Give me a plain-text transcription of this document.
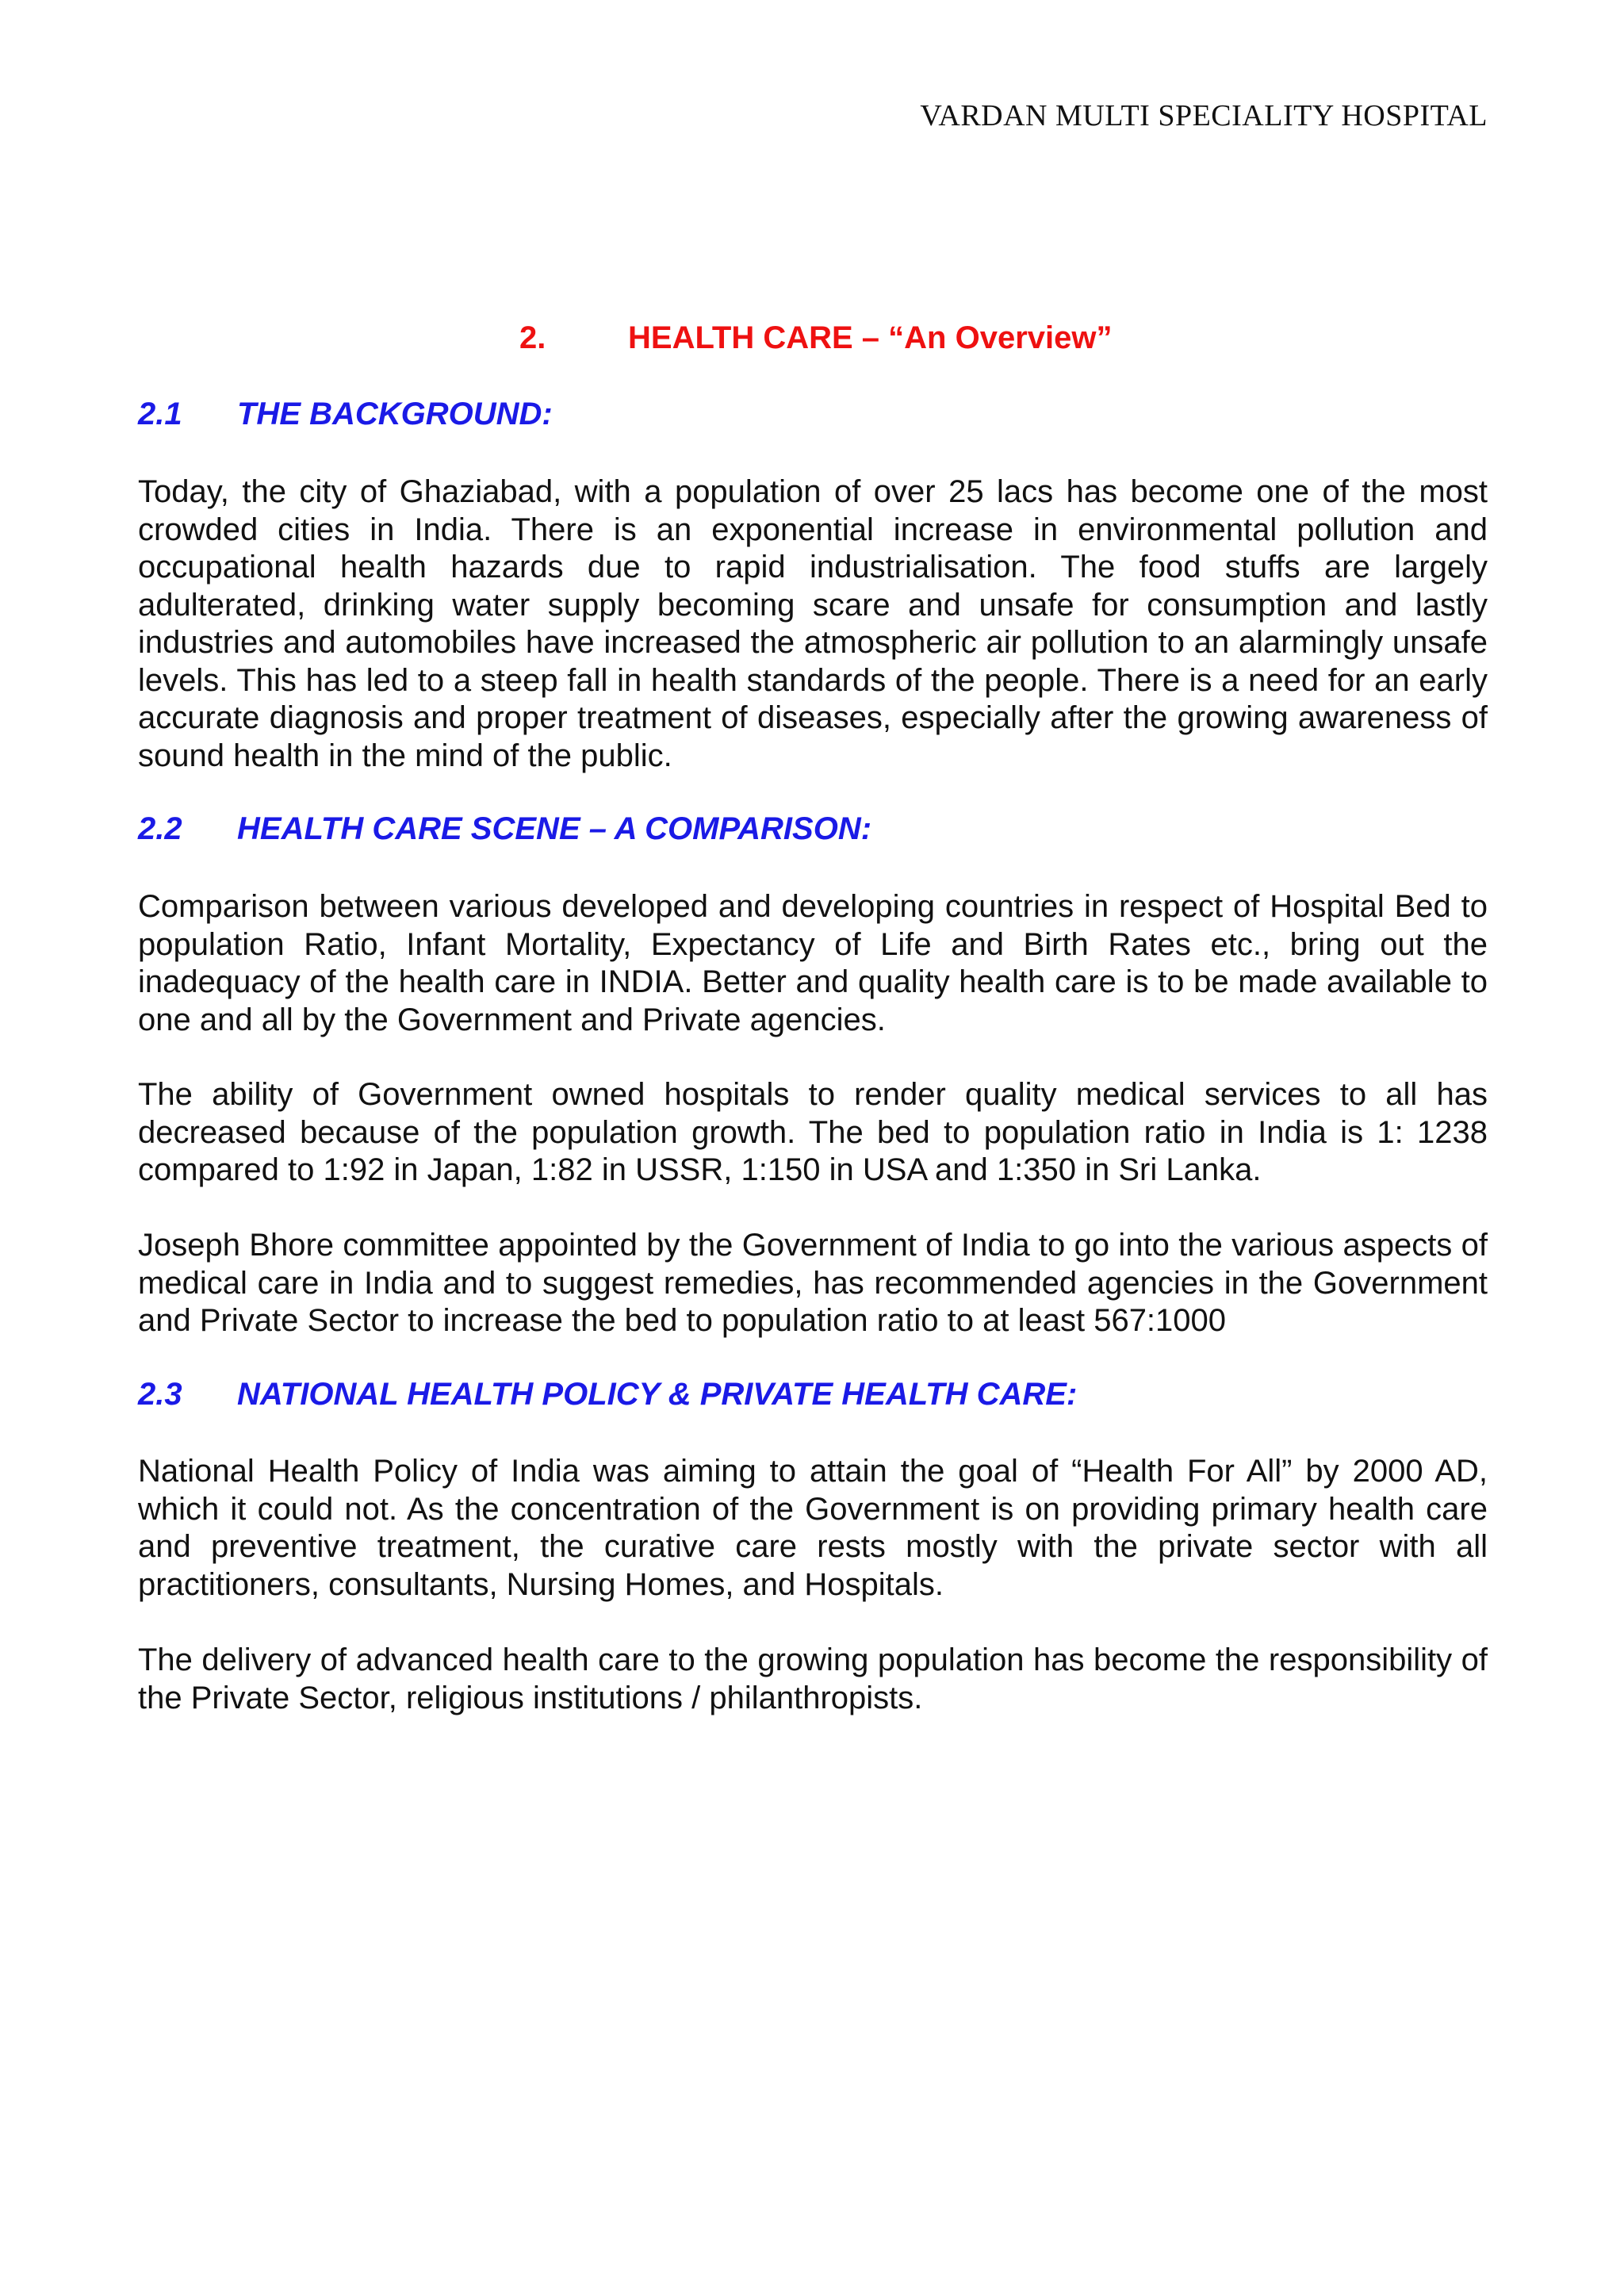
VARDAN MULTI SPECIALITY HOSPITAL
2.	HEALTH CARE – “An Overview”
2.1 THE BACKGROUND:

Today, the city of Ghaziabad, with a population of over 25 lacs has become one of the most crowded cities in India. There is an exponential increase in environmental pollution and occupational health hazards due to rapid industrialisation. The food stuffs are largely adulterated, drinking water supply becoming scare and unsafe for consumption and lastly industries and automobiles have increased the atmospheric air pollution to an alarmingly unsafe levels. This has led to a steep fall in health standards of the people. There is a need for an early accurate diagnosis and proper treatment of diseases, especially after the growing awareness of sound health in the mind of the public.

2.2 HEALTH CARE SCENE – A COMPARISON:

Comparison between various developed and developing countries in respect of Hospital Bed to population Ratio, Infant Mortality, Expectancy of Life and Birth Rates etc., bring out the inadequacy of the health care in INDIA. Better and quality health care is to be made available to one and all by the Government and Private agencies.

The ability of Government owned hospitals to render quality medical services to all has decreased because of the population growth. The bed to population ratio in India is 1: 1238 compared to 1:92 in Japan, 1:82 in USSR, 1:150 in USA and 1:350 in Sri Lanka.

Joseph Bhore committee appointed by the Government of India to go into the various aspects of medical care in India and to suggest remedies, has recommended agencies in the Government and Private Sector to increase the bed to population ratio to at least 567:1000

2.3 NATIONAL HEALTH POLICY & PRIVATE HEALTH CARE:

National Health Policy of India was aiming to attain the goal of “Health For All” by 2000 AD, which it could not. As the concentration of the Government is on providing primary health care and preventive treatment, the curative care rests mostly with the private sector with all practitioners, consultants, Nursing Homes, and Hospitals.

The delivery of advanced health care to the growing population has become the responsibility of the Private Sector, religious institutions / philanthropists.
